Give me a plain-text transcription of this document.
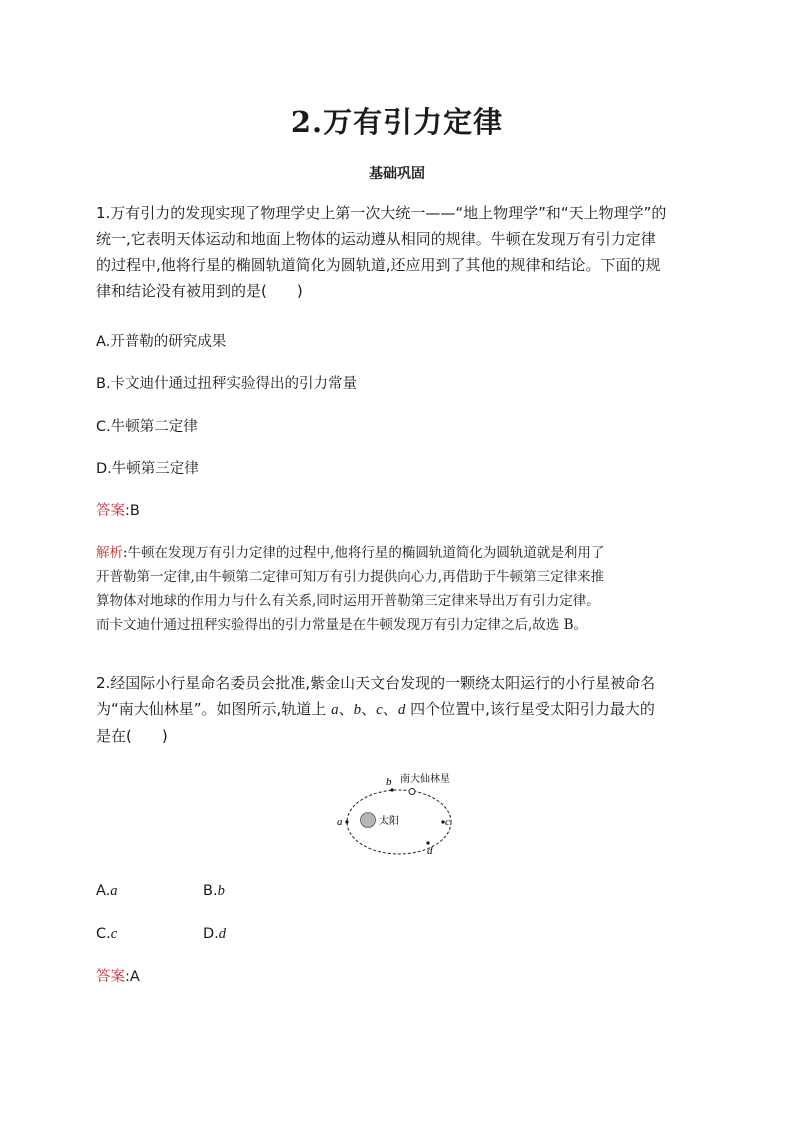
2.万有引力定律
基础巩固
1.万有引力的发现实现了物理学史上第一次大统一——“地上物理学”和“天上物理学”的
统一,它表明天体运动和地面上物体的运动遵从相同的规律。牛顿在发现万有引力定律
的过程中,他将行星的椭圆轨道简化为圆轨道,还应用到了其他的规律和结论。下面的规
律和结论没有被用到的是(　　)
A.开普勒的研究成果
B.卡文迪什通过扭秤实验得出的引力常量
C.牛顿第二定律
D.牛顿第三定律
答案:B
解析:牛顿在发现万有引力定律的过程中,他将行星的椭圆轨道简化为圆轨道就是利用了
开普勒第一定律,由牛顿第二定律可知万有引力提供向心力,再借助于牛顿第三定律来推
算物体对地球的作用力与什么有关系,同时运用开普勒第三定律来导出万有引力定律。
而卡文迪什通过扭秤实验得出的引力常量是在牛顿发现万有引力定律之后,故选 B。
2.经国际小行星命名委员会批准,紫金山天文台发现的一颗绕太阳运行的小行星被命名
为“南大仙林星”。如图所示,轨道上 a、b、c、d 四个位置中,该行星受太阳引力最大的
是在(　　)
太阳
a
b 南大仙林星
c
d
A.a	B.b
C.c	D.d
答案:A
